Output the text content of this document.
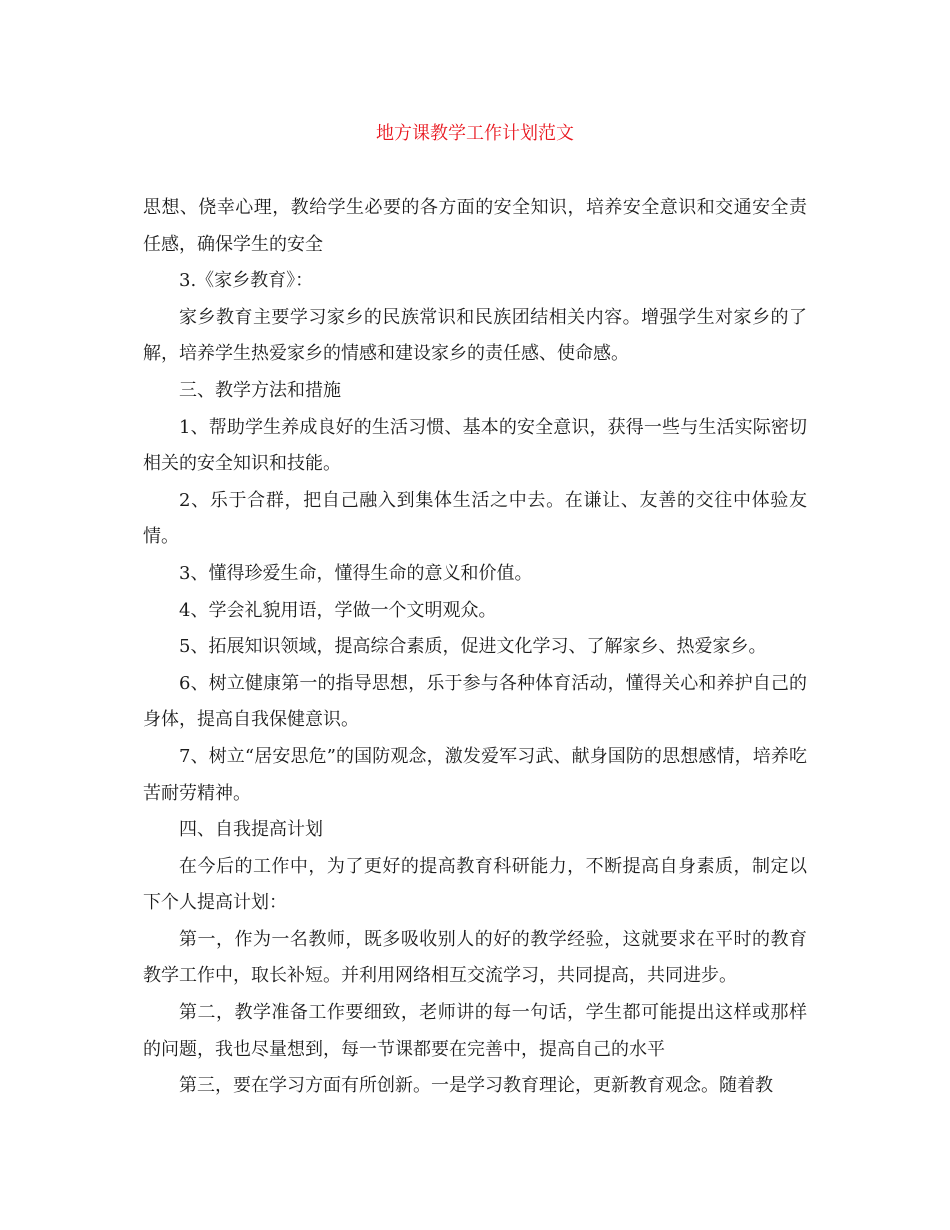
地方课教学工作计划范文

思想、侥幸心理，教给学生必要的各方面的安全知识，培养安全意识和交通安全责任感，确保学生的安全

3.《家乡教育》：

家乡教育主要学习家乡的民族常识和民族团结相关内容。增强学生对家乡的了解，培养学生热爱家乡的情感和建设家乡的责任感、使命感。

三、教学方法和措施

1、帮助学生养成良好的生活习惯、基本的安全意识，获得一些与生活实际密切相关的安全知识和技能。

2、乐于合群，把自己融入到集体生活之中去。在谦让、友善的交往中体验友情。

3、懂得珍爱生命，懂得生命的意义和价值。

4、学会礼貌用语，学做一个文明观众。

5、拓展知识领域，提高综合素质，促进文化学习、了解家乡、热爱家乡。

6、树立健康第一的指导思想，乐于参与各种体育活动，懂得关心和养护自己的身体，提高自我保健意识。

7、树立“居安思危”的国防观念，激发爱军习武、献身国防的思想感情，培养吃苦耐劳精神。

四、自我提高计划

在今后的工作中，为了更好的提高教育科研能力，不断提高自身素质，制定以下个人提高计划：

第一，作为一名教师，既多吸收别人的好的教学经验，这就要求在平时的教育教学工作中，取长补短。并利用网络相互交流学习，共同提高，共同进步。

第二，教学准备工作要细致，老师讲的每一句话，学生都可能提出这样或那样的问题，我也尽量想到，每一节课都要在完善中，提高自己的水平

第三，要在学习方面有所创新。一是学习教育理论，更新教育观念。随着教
